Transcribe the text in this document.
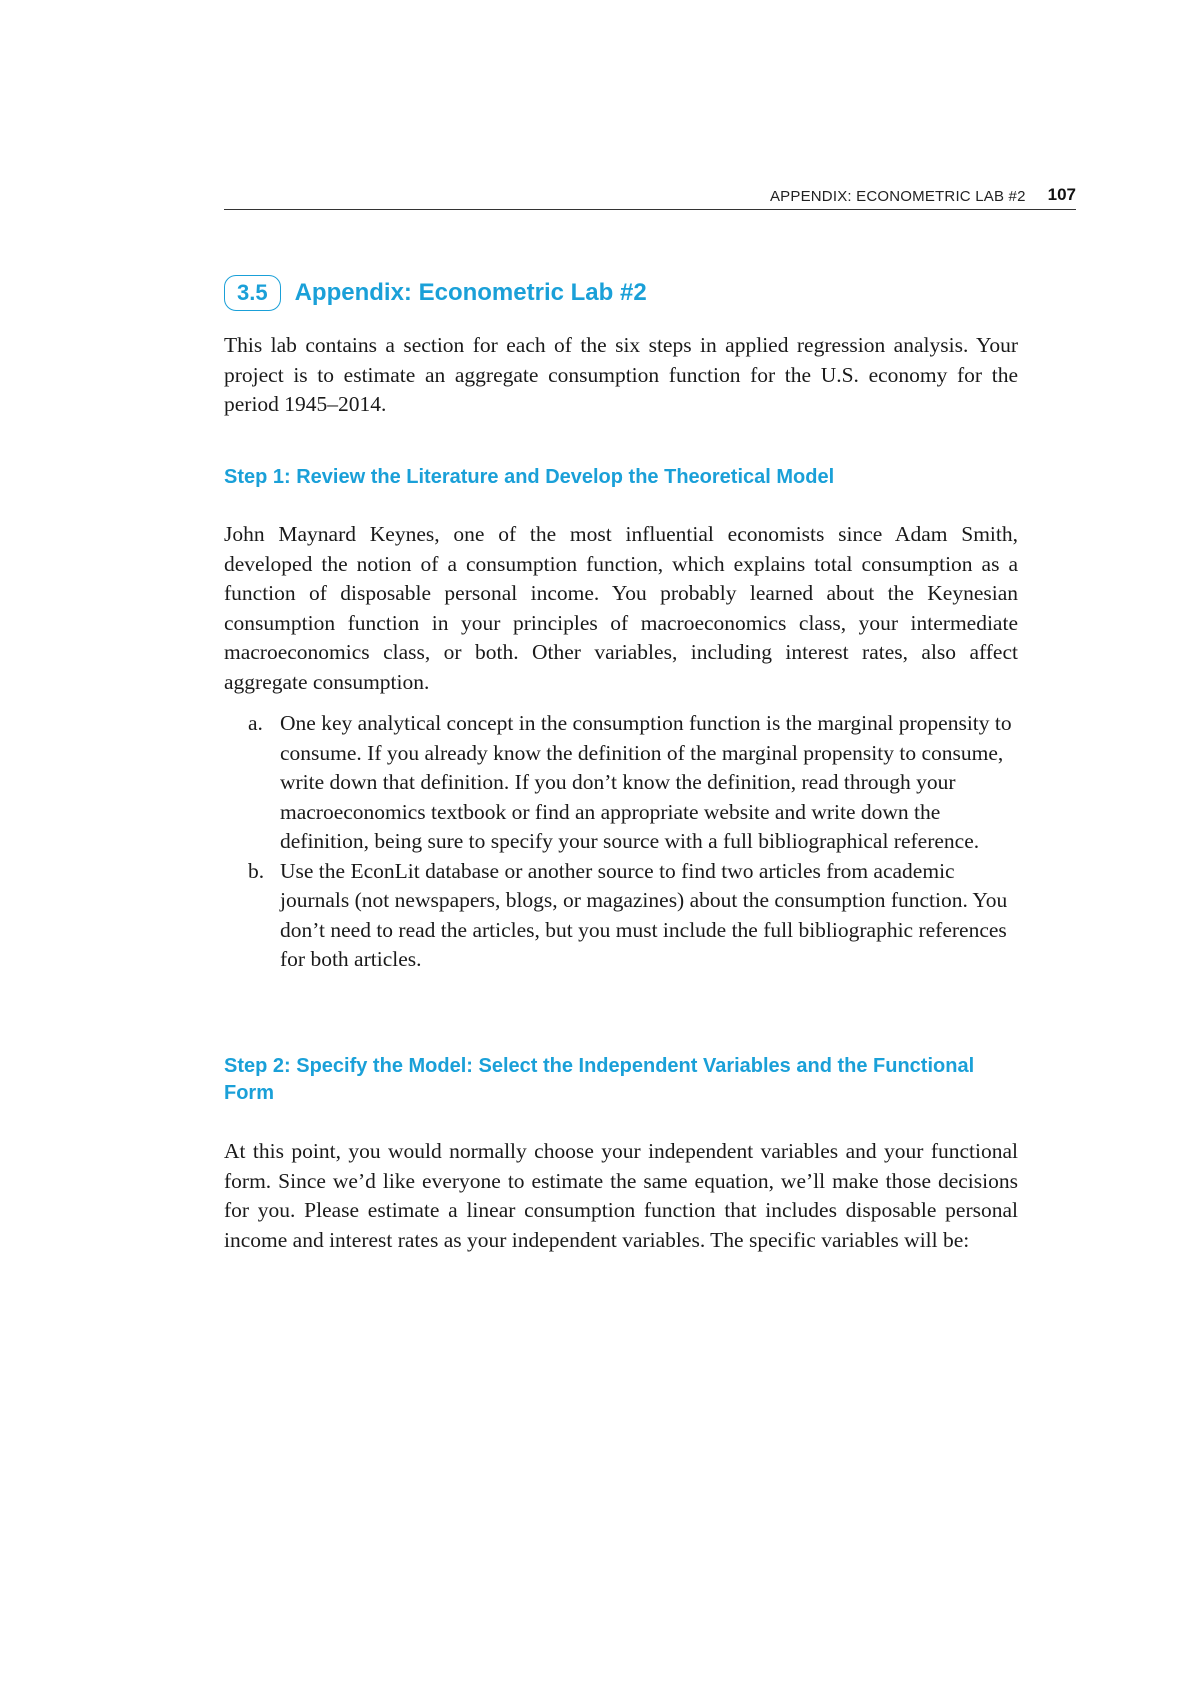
APPENDIX: ECONOMETRIC LAB #2 107
3.5	Appendix: Econometric Lab #2

This lab contains a section for each of the six steps in applied regression analysis. Your project is to estimate an aggregate consumption function for the U.S. economy for the period 1945–2014.

Step 1: Review the Literature and Develop the Theoretical Model

John Maynard Keynes, one of the most influential economists since Adam Smith, developed the notion of a consumption function, which explains total consumption as a function of disposable personal income. You probably learned about the Keynesian consumption function in your principles of macroeconomics class, your intermediate macroeconomics class, or both. Other variables, including interest rates, also affect aggregate consumption.

a. One key analytical concept in the consumption function is the marginal propensity to consume. If you already know the definition of the marginal propensity to consume, write down that definition. If you don’t know the definition, read through your macroeconomics textbook or find an appropriate website and write down the definition, being sure to specify your source with a full bibliographical reference.
b. Use the EconLit database or another source to find two articles from academic journals (not newspapers, blogs, or magazines) about the consumption function. You don’t need to read the articles, but you must include the full bibliographic references for both articles.
Step 2: Specify the Model: Select the Independent Variables and the Functional Form

At this point, you would normally choose your independent variables and your functional form. Since we’d like everyone to estimate the same equation, we’ll make those decisions for you. Please estimate a linear consumption function that includes disposable personal income and interest rates as your independent variables. The specific variables will be:
